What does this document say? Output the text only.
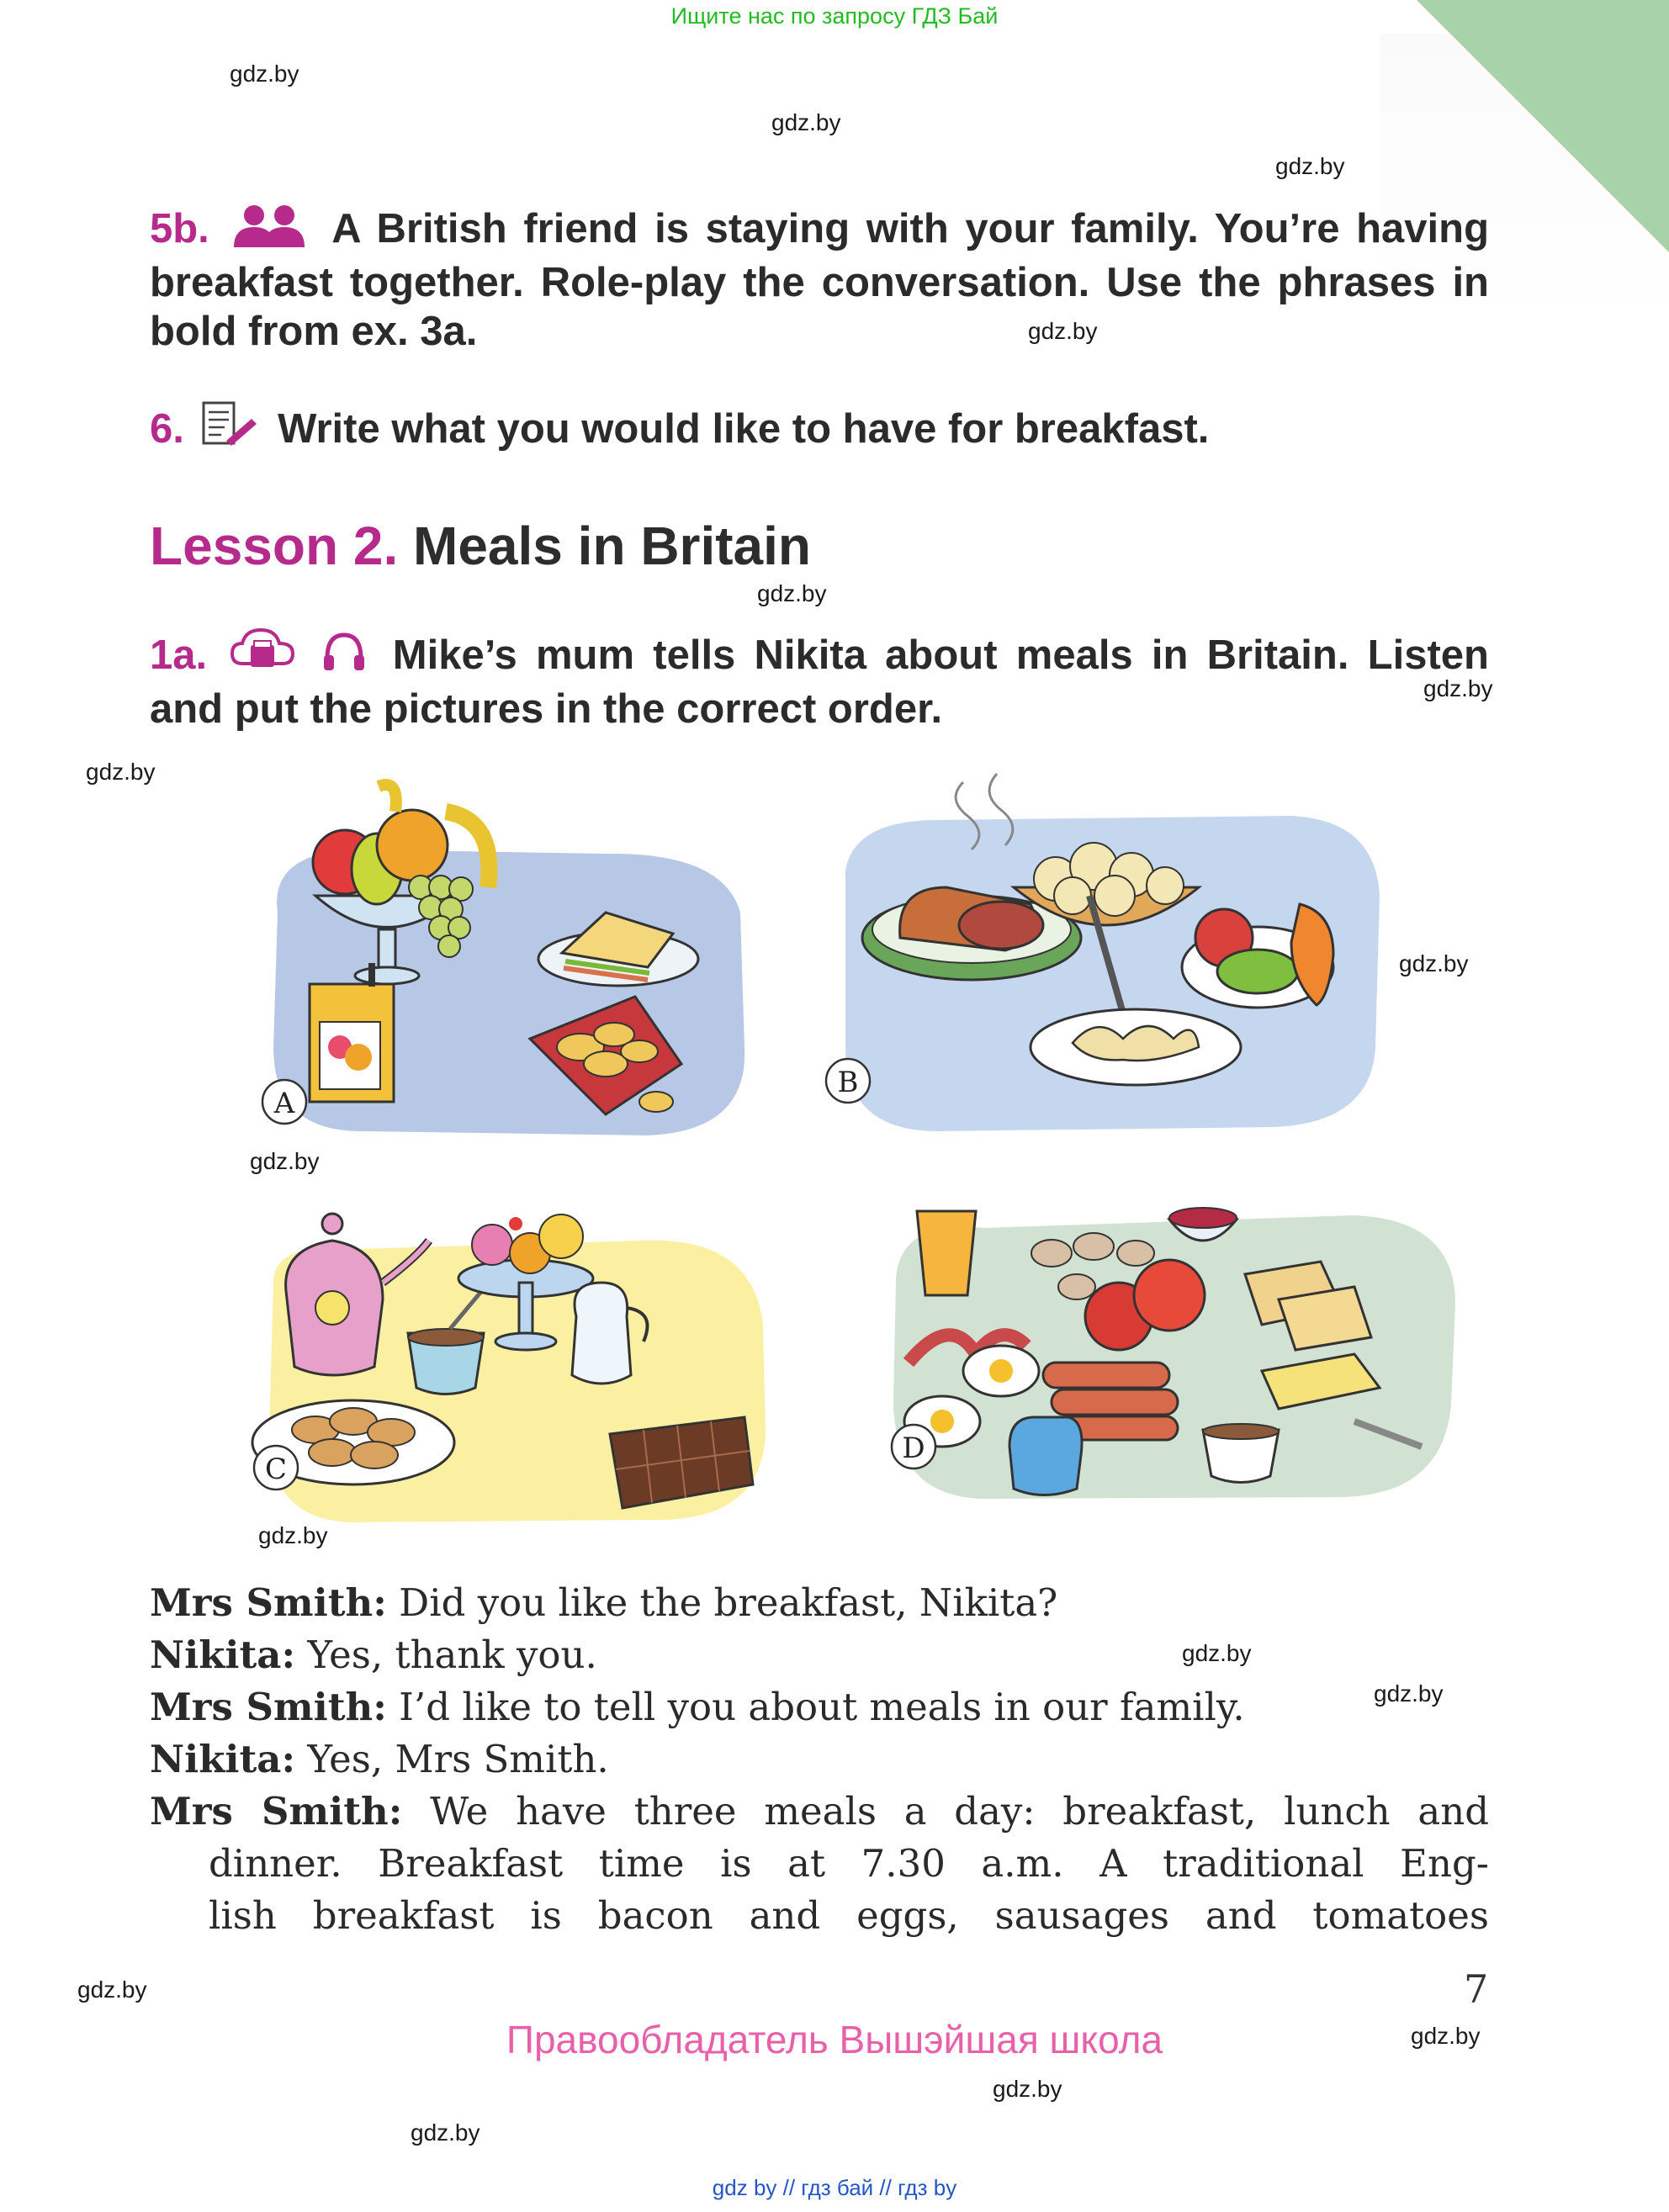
Ищите нас по запросу ГДЗ Бай
gdz.by
gdz.by
gdz.by
gdz.by
gdz.by
gdz.by
gdz.by
gdz.by
gdz.by
gdz.by
gdz.by
gdz.by
gdz.by
gdz.by
gdz.by
gdz.by
5b.	A British friend is staying with your family. You’re having breakfast together. Role-play the conversation. Use the phrases in bold from ex. 3a.
6. Write what you would like to have for breakfast.
Lesson 2. Meals in Britain
1a.	Mike’s mum tells Nikita about meals in Britain. Listen and put the pictures in the correct order.
A
B
C
D
Mrs Smith: Did you like the breakfast, Nikita?
Nikita: Yes, thank you.
Mrs Smith: I’d like to tell you about meals in our family.
Nikita: Yes, Mrs Smith.
Mrs Smith: We have three meals a day: breakfast, lunch and
dinner. Breakfast time is at 7.30 a.m. A traditional Eng-
lish breakfast is bacon and eggs, sausages and tomatoes
7
Правообладатель Вышэйшая школа
gdz by // гдз бай // гдз by
